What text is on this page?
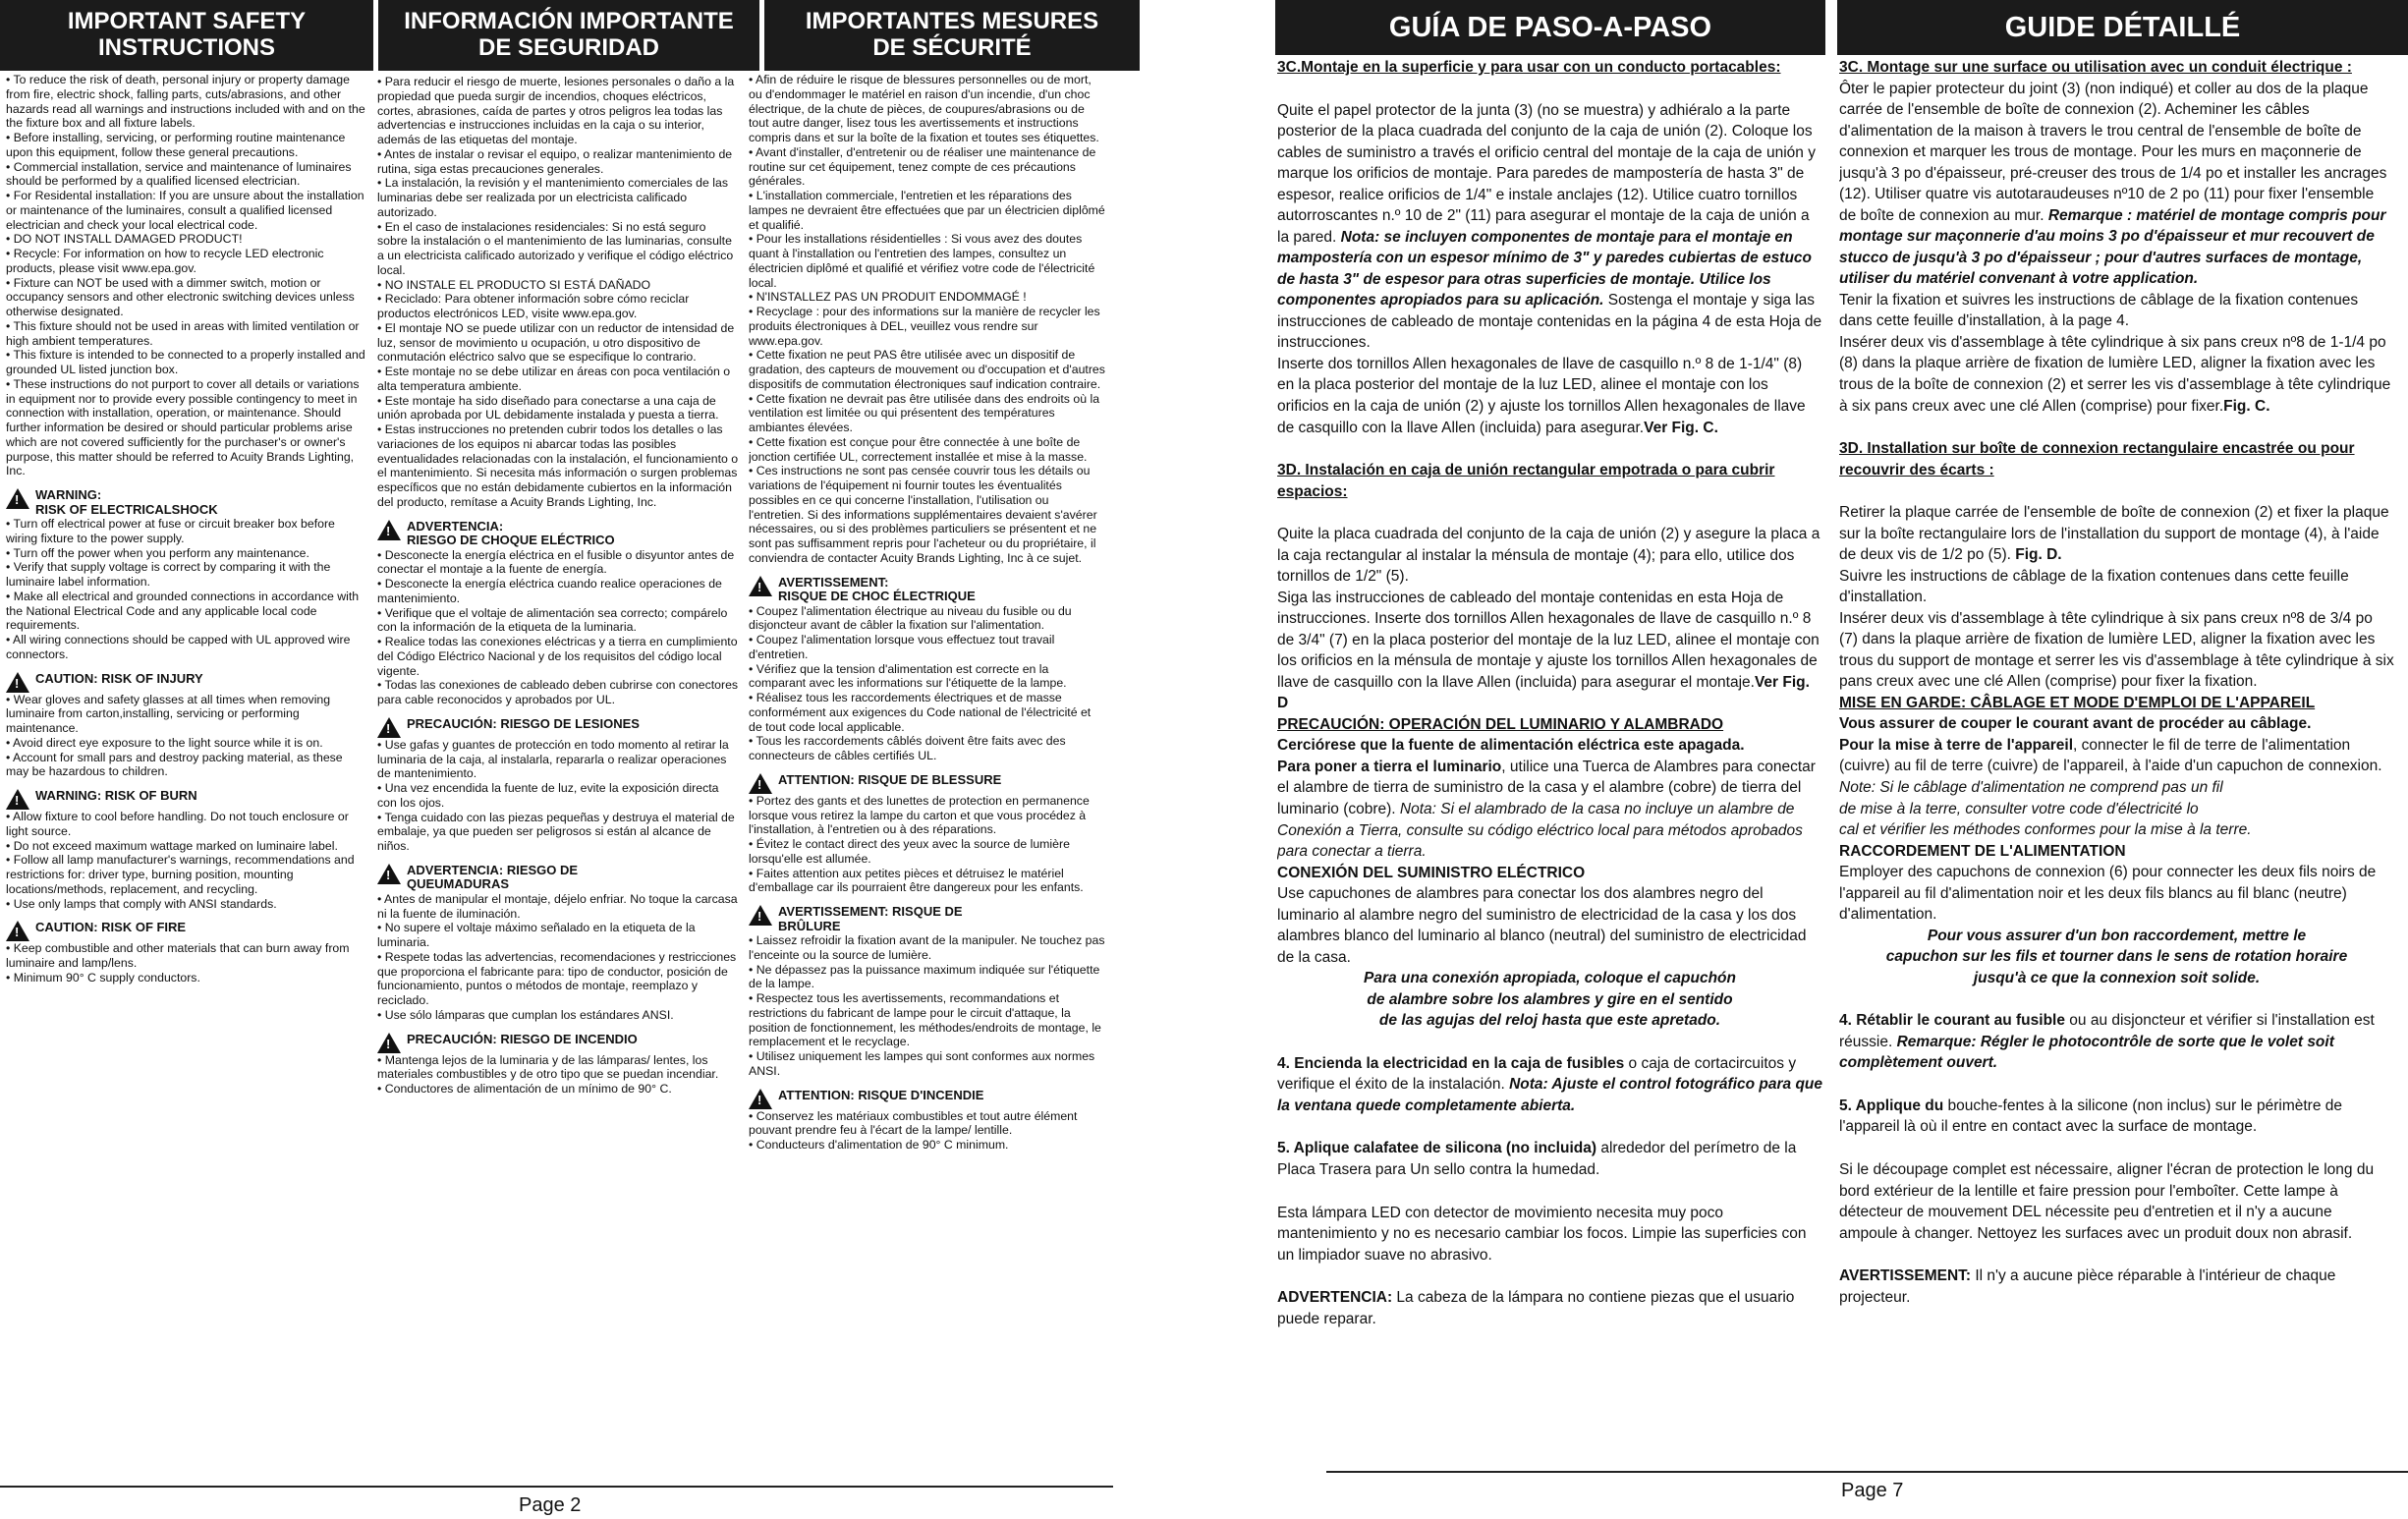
IMPORTANT SAFETY
INSTRUCTIONS
INFORMACIÓN IMPORTANTE
DE SEGURIDAD
IMPORTANTES MESURES
DE SÉCURITÉ

• To reduce the risk of death, personal injury or property damage from fire, electric shock, falling parts, cuts/abrasions, and other hazards read all warnings and instructions included with and on the the fixture box and all fixture labels.

• Before installing, servicing, or performing routine maintenance upon this equipment, follow these general precautions.

• Commercial installation, service and maintenance of luminaires should be performed by a qualified licensed electrician.

• For Residental installation: If you are unsure about the installation or maintenance of the luminaires, consult a qualified licensed electrician and check your local electrical code.

• DO NOT INSTALL DAMAGED PRODUCT!

• Recycle: For information on how to recycle LED electronic products, please visit www.epa.gov.

• Fixture can NOT be used with a dimmer switch, motion or occupancy sensors and other electronic switching devices unless otherwise designated.

• This fixture should not be used in areas with limited ventilation or high ambient temperatures.

• This fixture is intended to be connected to a properly installed and grounded UL listed junction box.

• These instructions do not purport to cover all details or variations in equipment nor to provide every possible contingency to meet in connection with installation, operation, or maintenance. Should further information be desired or should particular problems arise which are not covered sufficiently for the purchaser's or owner's purpose, this matter should be referred to Acuity Brands Lighting, Inc.

!
WARNING:
RISK OF ELECTRICALSHOCK

• Turn off electrical power at fuse or circuit breaker box before wiring fixture to the power supply.

• Turn off the power when you perform any maintenance.

• Verify that supply voltage is correct by comparing it with the luminaire label information.

• Make all electrical and grounded connections in accordance with the National Electrical Code and any applicable local code requirements.

• All wiring connections should be capped with UL approved wire connectors.

!
CAUTION: RISK OF INJURY

• Wear gloves and safety glasses at all times when removing luminaire from carton,installing, servicing or performing maintenance.

• Avoid direct eye exposure to the light source while it is on.

• Account for small pars and destroy packing material, as these may be hazardous to children.

!
WARNING: RISK OF BURN

• Allow fixture to cool before handling. Do not touch enclosure or light source.

• Do not exceed maximum wattage marked on luminaire label.

• Follow all lamp manufacturer's warnings, recommendations and restrictions for: driver type, burning position, mounting locations/methods, replacement, and recycling.

• Use only lamps that comply with ANSI standards.

!
CAUTION: RISK OF FIRE

• Keep combustible and other materials that can burn away from luminaire and lamp/lens.

• Minimum 90° C supply conductors.

• Para reducir el riesgo de muerte, lesiones personales o daño a la propiedad que pueda surgir de incendios, choques eléctricos, cortes, abrasiones, caída de partes y otros peligros lea todas las advertencias e instrucciones incluidas en la caja o su interior, además de las etiquetas del montaje.

• Antes de instalar o revisar el equipo, o realizar mantenimiento de rutina, siga estas precauciones generales.

• La instalación, la revisión y el mantenimiento comerciales de las luminarias debe ser realizada por un electricista calificado autorizado.

• En el caso de instalaciones residenciales: Si no está seguro sobre la instalación o el mantenimiento de las luminarias, consulte a un electricista calificado autorizado y verifique el código eléctrico local.

• NO INSTALE EL PRODUCTO SI ESTÁ DAÑADO

• Reciclado: Para obtener información sobre cómo reciclar productos electrónicos LED, visite www.epa.gov.

• El montaje NO se puede utilizar con un reductor de intensidad de luz, sensor de movimiento u ocupación, u otro dispositivo de conmutación eléctrico salvo que se especifique lo contrario.

• Este montaje no se debe utilizar en áreas con poca ventilación o alta temperatura ambiente.

• Este montaje ha sido diseñado para conectarse a una caja de unión aprobada por UL debidamente instalada y puesta a tierra.

• Estas instrucciones no pretenden cubrir todos los detalles o las variaciones de los equipos ni abarcar todas las posibles eventualidades relacionadas con la instalación, el funcionamiento o el mantenimiento. Si necesita más información o surgen problemas específicos que no están debidamente cubiertos en la información del producto, remítase a Acuity Brands Lighting, Inc.

!
ADVERTENCIA:
RIESGO DE CHOQUE ELÉCTRICO

• Desconecte la energía eléctrica en el fusible o disyuntor antes de conectar el montaje a la fuente de energía.

• Desconecte la energía eléctrica cuando realice operaciones de mantenimiento.

• Verifique que el voltaje de alimentación sea correcto; compárelo con la información de la etiqueta de la luminaria.

• Realice todas las conexiones eléctricas y a tierra en cumplimiento del Código Eléctrico Nacional y de los requisitos del código local vigente.

• Todas las conexiones de cableado deben cubrirse con conectores para cable reconocidos y aprobados por UL.

!
PRECAUCIÓN: RIESGO DE LESIONES

• Use gafas y guantes de protección en todo momento al retirar la luminaria de la caja, al instalarla, repararla o realizar operaciones de mantenimiento.

• Una vez encendida la fuente de luz, evite la exposición directa con los ojos.

• Tenga cuidado con las piezas pequeñas y destruya el material de embalaje, ya que pueden ser peligrosos si están al alcance de niños.

!
ADVERTENCIA: RIESGO DE
QUEUMADURAS

• Antes de manipular el montaje, déjelo enfriar. No toque la carcasa ni la fuente de iluminación.

• No supere el voltaje máximo señalado en la etiqueta de la luminaria.

• Respete todas las advertencias, recomendaciones y restricciones que proporciona el fabricante para: tipo de conductor, posición de funcionamiento, puntos o métodos de montaje, reemplazo y reciclado.

• Use sólo lámparas que cumplan los estándares ANSI.

!
PRECAUCIÓN: RIESGO DE INCENDIO

• Mantenga lejos de la luminaria y de las lámparas/ lentes, los materiales combustibles y de otro tipo que se puedan incendiar.

• Conductores de alimentación de un mínimo de 90° C.

• Afin de réduire le risque de blessures personnelles ou de mort, ou d'endommager le matériel en raison d'un incendie, d'un choc électrique, de la chute de pièces, de coupures/abrasions ou de tout autre danger, lisez tous les avertissements et instructions compris dans et sur la boîte de la fixation et toutes ses étiquettes.

• Avant d'installer, d'entretenir ou de réaliser une maintenance de routine sur cet équipement, tenez compte de ces précautions générales.

• L'installation commerciale, l'entretien et les réparations des lampes ne devraient être effectuées que par un électricien diplômé et qualifié.

• Pour les installations résidentielles : Si vous avez des doutes quant à l'installation ou l'entretien des lampes, consultez un électricien diplômé et qualifié et vérifiez votre code de l'électricité local.

• N'INSTALLEZ PAS UN PRODUIT ENDOMMAGÉ !

• Recyclage : pour des informations sur la manière de recycler les produits électroniques à DEL, veuillez vous rendre sur www.epa.gov.

• Cette fixation ne peut PAS être utilisée avec un dispositif de gradation, des capteurs de mouvement ou d'occupation et d'autres dispositifs de commutation électroniques sauf indication contraire.

• Cette fixation ne devrait pas être utilisée dans des endroits où la ventilation est limitée ou qui présentent des températures ambiantes élevées.

• Cette fixation est conçue pour être connectée à une boîte de jonction certifiée UL, correctement installée et mise à la masse.

• Ces instructions ne sont pas censée couvrir tous les détails ou variations de l'équipement ni fournir toutes les éventualités possibles en ce qui concerne l'installation, l'utilisation ou l'entretien. Si des informations supplémentaires devaient s'avérer nécessaires, ou si des problèmes particuliers se présentent et ne sont pas suffisamment repris pour l'acheteur ou du propriétaire, il conviendra de contacter Acuity Brands Lighting, Inc à ce sujet.

!
AVERTISSEMENT:
RISQUE DE CHOC ÉLECTRIQUE

• Coupez l'alimentation électrique au niveau du fusible ou du disjoncteur avant de câbler la fixation sur l'alimentation.

• Coupez l'alimentation lorsque vous effectuez tout travail d'entretien.

• Vérifiez que la tension d'alimentation est correcte en la comparant avec les informations sur l'étiquette de la lampe.

• Réalisez tous les raccordements électriques et de masse conformément aux exigences du Code national de l'électricité et de tout code local applicable.

• Tous les raccordements câblés doivent être faits avec des connecteurs de câbles certifiés UL.

!
ATTENTION: RISQUE DE BLESSURE

• Portez des gants et des lunettes de protection en permanence lorsque vous retirez la lampe du carton et que vous procédez à l'installation, à l'entretien ou à des réparations.

• Évitez le contact direct des yeux avec la source de lumière lorsqu'elle est allumée.

• Faites attention aux petites pièces et détruisez le matériel d'emballage car ils pourraient être dangereux pour les enfants.

!
AVERTISSEMENT: RISQUE DE
BRÛLURE

• Laissez refroidir la fixation avant de la manipuler. Ne touchez pas l'enceinte ou la source de lumière.

• Ne dépassez pas la puissance maximum indiquée sur l'étiquette de la lampe.

• Respectez tous les avertissements, recommandations et restrictions du fabricant de lampe pour le circuit d'attaque, la position de fonctionnement, les méthodes/endroits de montage, le remplacement et le recyclage.

• Utilisez uniquement les lampes qui sont conformes aux normes ANSI.

!
ATTENTION: RISQUE D'INCENDIE

• Conservez les matériaux combustibles et tout autre élément pouvant prendre feu à l'écart de la lampe/ lentille.

• Conducteurs d'alimentation de 90° C minimum.

Page 2
GUÍA DE PASO-A-PASO	GUIDE DÉTAILLÉ

3C.Montaje en la superficie y para usar con un conducto portacables:

Quite el papel protector de la junta (3) (no se muestra) y adhiéralo a la parte posterior de la placa cuadrada del conjunto de la caja de unión (2). Coloque los cables de suministro a través el orificio central del montaje de la caja de unión y marque los orificios de montaje. Para paredes de mampostería de hasta 3" de espesor, realice orificios de 1/4" e instale anclajes (12). Utilice cuatro tornillos autorroscantes n.º 10 de 2" (11) para asegurar el montaje de la caja de unión a la pared. Nota: se incluyen componentes de montaje para el montaje en mampostería con un espesor mínimo de 3" y paredes cubiertas de estuco de hasta 3" de espesor para otras superficies de montaje. Utilice los componentes apropiados para su aplicación. Sostenga el montaje y siga las instrucciones de cableado de montaje contenidas en la página 4 de esta Hoja de instrucciones.

Inserte dos tornillos Allen hexagonales de llave de casquillo n.º 8 de 1-1/4" (8) en la placa posterior del montaje de la luz LED, alinee el montaje con los orificios en la caja de unión (2) y ajuste los tornillos Allen hexagonales de llave de casquillo con la llave Allen (incluida) para asegurar.Ver Fig. C.

3D. Instalación en caja de unión rectangular empotrada o para cubrir espacios:

Quite la placa cuadrada del conjunto de la caja de unión (2) y asegure la placa a la caja rectangular al instalar la ménsula de montaje (4); para ello, utilice dos tornillos de 1/2" (5).

Siga las instrucciones de cableado del montaje contenidas en esta Hoja de instrucciones. Inserte dos tornillos Allen hexagonales de llave de casquillo n.º 8 de 3/4" (7) en la placa posterior del montaje de la luz LED, alinee el montaje con los orificios en la ménsula de montaje y ajuste los tornillos Allen hexagonales de llave de casquillo con la llave Allen (incluida) para asegurar el montaje.Ver Fig. D

PRECAUCIÓN: OPERACIÓN DEL LUMINARIO Y ALAMBRADO

Cerciórese que la fuente de alimentación eléctrica este apagada.

Para poner a tierra el luminario, utilice una Tuerca de Alambres para conectar el alambre de tierra de suministro de la casa y el alambre (cobre) de tierra del luminario (cobre). Nota: Si el alambrado de la casa no incluye un alambre de Conexión a Tierra, consulte su código eléctrico local para métodos aprobados para conectar a tierra.

CONEXIÓN DEL SUMINISTRO ELÉCTRICO

Use capuchones de alambres para conectar los dos alambres negro del luminario al alambre negro del suministro de electricidad de la casa y los dos alambres blanco del luminario al blanco (neutral) del suministro de electricidad de la casa.

Para una conexión apropiada, coloque el capuchón
de alambre sobre los alambres y gire en el sentido
de las agujas del reloj hasta que este apretado.

4. Encienda la electricidad en la caja de fusibles o caja de cortacircuitos y verifique el éxito de la instalación. Nota: Ajuste el control fotográfico para que la ventana quede completamente abierta.

5. Aplique calafatee de silicona (no incluida) alrededor del perímetro de la Placa Trasera para Un sello contra la humedad.

Esta lámpara LED con detector de movimiento necesita muy poco mantenimiento y no es necesario cambiar los focos. Limpie las superficies con un limpiador suave no abrasivo.

ADVERTENCIA: La cabeza de la lámpara no contiene piezas que el usuario puede reparar.

3C. Montage sur une surface ou utilisation avec un conduit électrique :

Ôter le papier protecteur du joint (3) (non indiqué) et coller au dos de la plaque carrée de l'ensemble de boîte de connexion (2). Acheminer les câbles d'alimentation de la maison à travers le trou central de l'ensemble de boîte de connexion et marquer les trous de montage. Pour les murs en maçonnerie de jusqu'à 3 po d'épaisseur, pré-creuser des trous de 1/4 po et installer les ancrages (12). Utiliser quatre vis autotaraudeuses nº10 de 2 po (11) pour fixer l'ensemble de boîte de connexion au mur. Remarque : matériel de montage compris pour montage sur maçonnerie d'au moins 3 po d'épaisseur et mur recouvert de stucco de jusqu'à 3 po d'épaisseur ; pour d'autres surfaces de montage, utiliser du matériel convenant à votre application.

Tenir la fixation et suivres les instructions de câblage de la fixation contenues dans cette feuille d'installation, à la page 4.

Insérer deux vis d'assemblage à tête cylindrique à six pans creux nº8 de 1-1/4 po (8) dans la plaque arrière de fixation de lumière LED, aligner la fixation avec les trous de la boîte de connexion (2) et serrer les vis d'assemblage à tête cylindrique à six pans creux avec une clé Allen (comprise) pour fixer.Fig. C.

3D. Installation sur boîte de connexion rectangulaire encastrée ou pour recouvrir des écarts :

Retirer la plaque carrée de l'ensemble de boîte de connexion (2) et fixer la plaque sur la boîte rectangulaire lors de l'installation du support de montage (4), à l'aide de deux vis de 1/2 po (5). Fig. D.

Suivre les instructions de câblage de la fixation contenues dans cette feuille d'installation.

Insérer deux vis d'assemblage à tête cylindrique à six pans creux nº8 de 3/4 po (7) dans la plaque arrière de fixation de lumière LED, aligner la fixation avec les trous du support de montage et serrer les vis d'assemblage à tête cylindrique à six pans creux avec une clé Allen (comprise) pour fixer la fixation.

MISE EN GARDE: CÂBLAGE ET MODE D'EMPLOI DE L'APPAREIL

Vous assurer de couper le courant avant de procéder au câblage.

Pour la mise à terre de l'appareil, connecter le fil de terre de l'alimentation (cuivre) au fil de terre (cuivre) de l'appareil, à l'aide d'un capuchon de connexion.

Note: Si le câblage d'alimentation ne comprend pas un fil
de mise à la terre, consulter votre code d'électricité lo
cal et vérifier les méthodes conformes pour la mise à la terre.

RACCORDEMENT DE L'ALIMENTATION

Employer des capuchons de connexion (6) pour connecter les deux fils noirs de l'appareil au fil d'alimentation noir et les deux fils blancs au fil blanc (neutre) d'alimentation.

Pour vous assurer d'un bon raccordement, mettre le
capuchon sur les fils et tourner dans le sens de rotation horaire
jusqu'à ce que la connexion soit solide.

4. Rétablir le courant au fusible ou au disjoncteur et vérifier si l'installation est réussie. Remarque: Régler le photocontrôle de sorte que le volet soit complètement ouvert.

5. Applique du bouche-fentes à la silicone (non inclus) sur le périmètre de l'appareil là où il entre en contact avec la surface de montage.

Si le découpage complet est nécessaire, aligner l'écran de protection le long du bord extérieur de la lentille et faire pression pour l'emboîter. Cette lampe à détecteur de mouvement DEL nécessite peu d'entretien et il n'y a aucune ampoule à changer. Nettoyez les surfaces avec un produit doux non abrasif.

AVERTISSEMENT: Il n'y a aucune pièce réparable à l'intérieur de chaque projecteur.

Page 7
